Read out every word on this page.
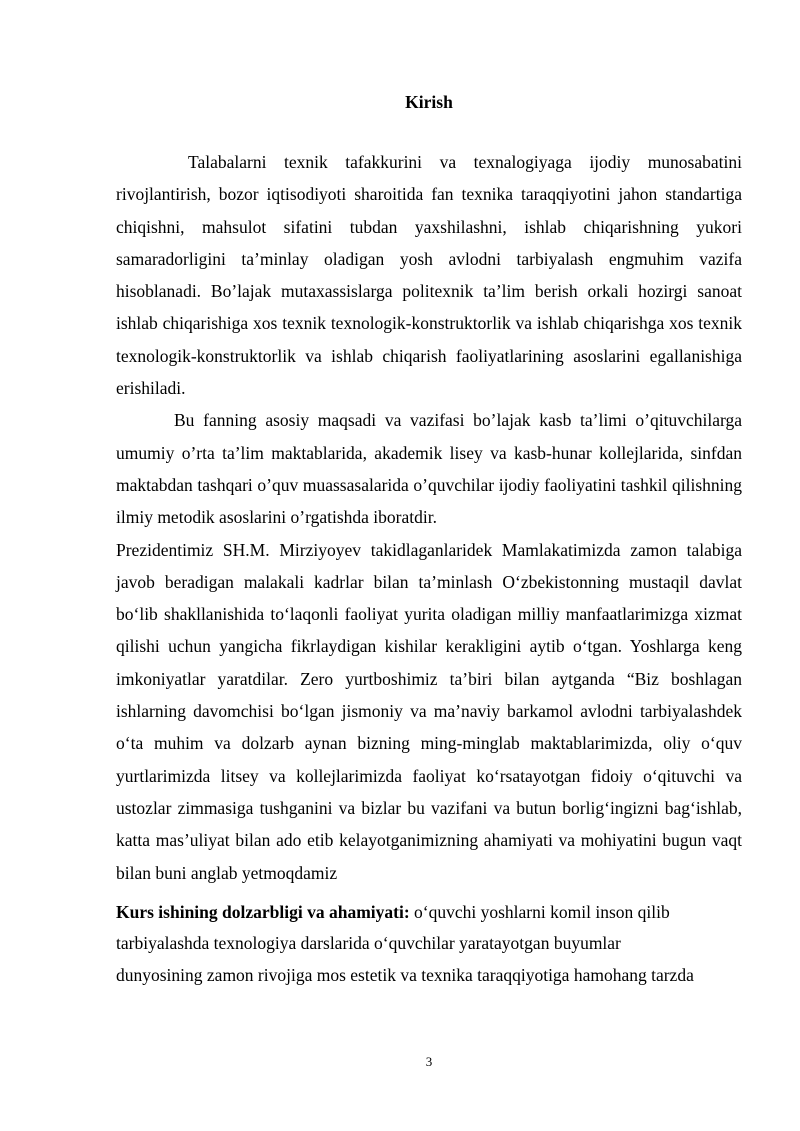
Kirish

Talabalarni texnik tafakkurini va texnalogiyaga ijodiy munosabatini rivojlantirish, bozor iqtisodiyoti sharoitida fan texnika taraqqiyotini jahon standartiga chiqishni, mahsulot sifatini tubdan yaxshilashni, ishlab chiqarishning yukori samaradorligini ta’minlay oladigan yosh avlodni tarbiyalash engmuhim vazifa hisoblanadi. Bo’lajak mutaxassislarga politexnik ta’lim berish orkali hozirgi sanoat ishlab chiqarishiga xos texnik texnologik-konstruktorlik va ishlab chiqarishga xos texnik texnologik-konstruktorlik va ishlab chiqarish faoliyatlarining asoslarini egallanishiga erishiladi.

Bu fanning asosiy maqsadi va vazifasi bo’lajak kasb ta’limi o’qituvchilarga umumiy o’rta ta’lim maktablarida, akademik lisey va kasb-hunar kollejlarida, sinfdan maktabdan tashqari o’quv muassasalarida o’quvchilar ijodiy faoliyatini tashkil qilishning ilmiy metodik asoslarini o’rgatishda iboratdir.

Prezidentimiz SH.M. Mirziyoyev takidlaganlaridek Mamlakatimizda zamon talabiga javob beradigan malakali kadrlar bilan ta’minlash O‘zbekistonning mustaqil davlat bo‘lib shakllanishida to‘laqonli faoliyat yurita oladigan milliy manfaatlarimizga xizmat qilishi uchun yangicha fikrlaydigan kishilar kerakligini aytib o‘tgan. Yoshlarga keng imkoniyatlar yaratdilar. Zero yurtboshimiz ta’biri bilan aytganda “Biz boshlagan ishlarning davomchisi bo‘lgan jismoniy va ma’naviy barkamol avlodni tarbiyalashdek o‘ta muhim va dolzarb aynan bizning ming-minglab maktablarimizda, oliy o‘quv yurtlarimizda litsey va kollejlarimizda faoliyat ko‘rsatayotgan fidoiy o‘qituvchi va ustozlar zimmasiga tushganini va bizlar bu vazifani va butun borlig‘ingizni bag‘ishlab, katta mas’uliyat bilan ado etib kelayotganimizning ahamiyati va mohiyatini bugun vaqt bilan buni anglab yetmoqdamiz

Kurs ishining dolzarbligi va ahamiyati: o‘quvchi yoshlarni komil inson qilib
tarbiyalashda texnologiya darslarida o‘quvchilar yaratayotgan buyumlar
dunyosining zamon rivojiga mos estetik va texnika taraqqiyotiga hamohang tarzda

3
